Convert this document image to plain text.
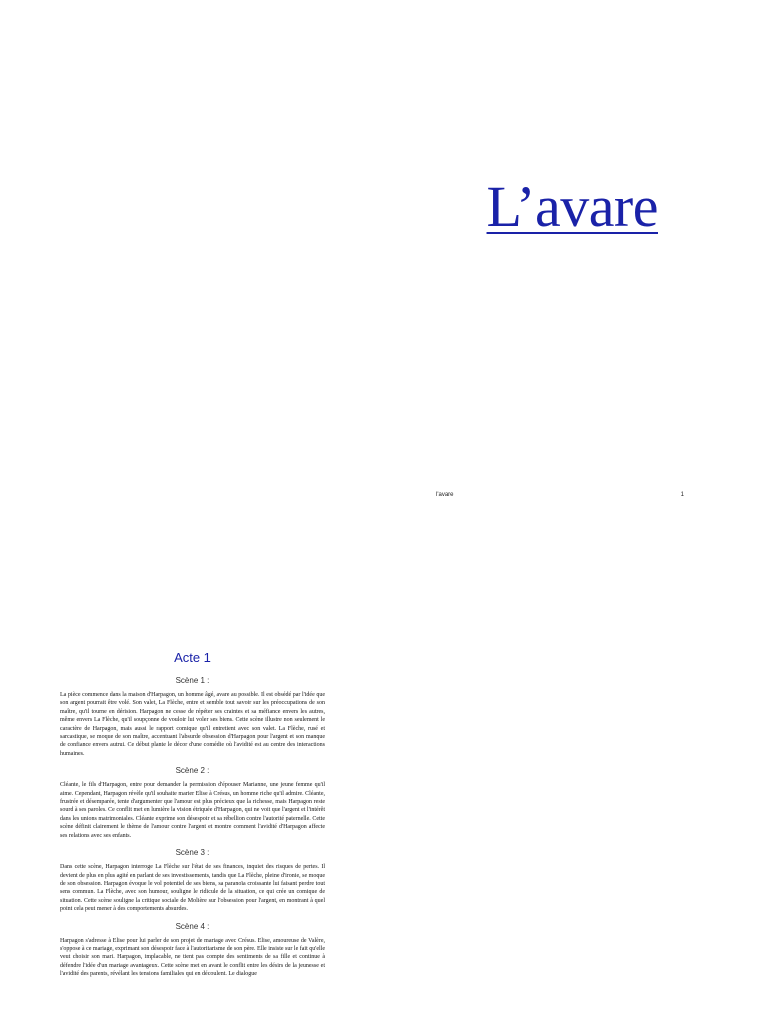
L’avare
l'avare	1
Acte 1
Scène 1 :

La pièce commence dans la maison d'Harpagon, un homme âgé, avare au possible. Il est obsédé par l'idée que son argent pourrait être volé. Son valet, La Flèche, entre et semble tout savoir sur les préoccupations de son maître, qu'il tourne en dérision. Harpagon ne cesse de répéter ses craintes et sa méfiance envers les autres, même envers La Flèche, qu'il soupçonne de vouloir lui voler ses biens. Cette scène illustre non seulement le caractère de Harpagon, mais aussi le rapport comique qu'il entretient avec son valet. La Flèche, rusé et sarcastique, se moque de son maître, accentuant l'absurde obsession d'Harpagon pour l'argent et son manque de confiance envers autrui. Ce début plante le décor d'une comédie où l'avidité est au centre des interactions humaines.

Scène 2 :

Cléante, le fils d'Harpagon, entre pour demander la permission d'épouser Marianne, une jeune femme qu'il aime. Cependant, Harpagon révèle qu'il souhaite marier Elise à Crésus, un homme riche qu'il admire. Cléante, frustrée et désemparée, tente d'argumenter que l'amour est plus précieux que la richesse, mais Harpagon reste sourd à ses paroles. Ce conflit met en lumière la vision étriquée d'Harpagon, qui ne voit que l'argent et l'intérêt dans les unions matrimoniales. Cléante exprime son désespoir et sa rébellion contre l'autorité paternelle. Cette scène définit clairement le thème de l'amour contre l'argent et montre comment l'avidité d'Harpagon affecte ses relations avec ses enfants.

Scène 3 :

Dans cette scène, Harpagon interroge La Flèche sur l'état de ses finances, inquiet des risques de pertes. Il devient de plus en plus agité en parlant de ses investissements, tandis que La Flèche, pleine d'ironie, se moque de son obsession. Harpagon évoque le vol potentiel de ses biens, sa paranoïa croissante lui faisant perdre tout sens commun. La Flèche, avec son humour, souligne le ridicule de la situation, ce qui crée un comique de situation. Cette scène souligne la critique sociale de Molière sur l'obsession pour l'argent, en montrant à quel point cela peut mener à des comportements absurdes.

Scène 4 :

Harpagon s'adresse à Elise pour lui parler de son projet de mariage avec Crésus. Elise, amoureuse de Valère, s'oppose à ce mariage, exprimant son désespoir face à l'autoritarisme de son père. Elle insiste sur le fait qu'elle veut choisir son mari. Harpagon, implacable, ne tient pas compte des sentiments de sa fille et continue à défendre l'idée d'un mariage avantageux. Cette scène met en avant le conflit entre les désirs de la jeunesse et l'avidité des parents, révélant les tensions familiales qui en découlent. Le dialogue
